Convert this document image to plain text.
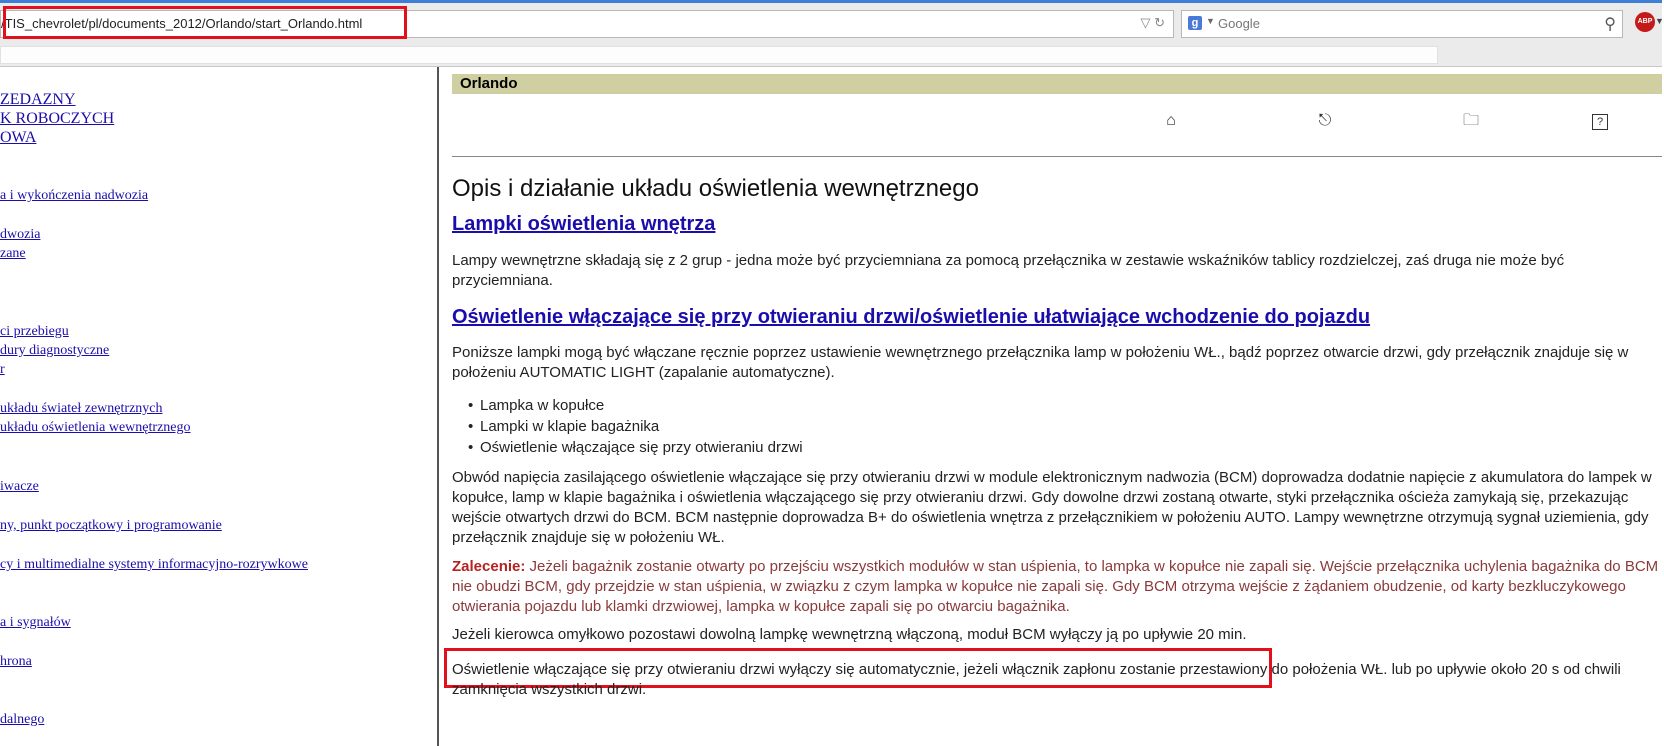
/TIS_chevrolet/pl/documents_2012/Orlando/start_Orlando.html	▽ ↻	g ▼ Google	⚲	ABP ▼
ZEDAZNY
K ROBOCZYCH
OWA
a i wykończenia nadwozia
dwozia
zane
ci przebiegu
dury diagnostyczne
r
układu świateł zewnętrznych
układu oświetlenia wewnętrznego
iwacze
ny, punkt początkowy i programowanie
cy i multimedialne systemy informacyjno-rozrywkowe
a i sygnałów
hrona
dalnego
Orlando
⌂	⎋	🗀	?
Opis i działanie układu oświetlenia wewnętrznego
Lampki oświetlenia wnętrza
Lampy wewnętrzne składają się z 2 grup - jedna może być przyciemniana za pomocą przełącznika w zestawie wskaźników tablicy rozdzielczej, zaś druga nie może być przyciemniana.
Oświetlenie włączające się przy otwieraniu drzwi/oświetlenie ułatwiające wchodzenie do pojazdu
Poniższe lampki mogą być włączane ręcznie poprzez ustawienie wewnętrznego przełącznika lamp w położeniu WŁ., bądź poprzez otwarcie drzwi, gdy przełącznik znajduje się w położeniu AUTOMATIC LIGHT (zapalanie automatyczne).
• Lampka w kopułce
• Lampki w klapie bagażnika
• Oświetlenie włączające się przy otwieraniu drzwi
Obwód napięcia zasilającego oświetlenie włączające się przy otwieraniu drzwi w module elektronicznym nadwozia (BCM) doprowadza dodatnie napięcie z akumulatora do lampek w kopułce, lamp w klapie bagażnika i oświetlenia włączającego się przy otwieraniu drzwi. Gdy dowolne drzwi zostaną otwarte, styki przełącznika ościeża zamykają się, przekazując wejście otwartych drzwi do BCM. BCM następnie doprowadza B+ do oświetlenia wnętrza z przełącznikiem w położeniu AUTO. Lampy wewnętrzne otrzymują sygnał uziemienia, gdy przełącznik znajduje się w położeniu WŁ.
Zalecenie: Jeżeli bagażnik zostanie otwarty po przejściu wszystkich modułów w stan uśpienia, to lampka w kopułce nie zapali się. Wejście przełącznika uchylenia bagażnika do BCM nie obudzi BCM, gdy przejdzie w stan uśpienia, w związku z czym lampka w kopułce nie zapali się. Gdy BCM otrzyma wejście z żądaniem obudzenie, od karty bezkluczykowego otwierania pojazdu lub klamki drzwiowej, lampka w kopułce zapali się po otwarciu bagażnika.
Jeżeli kierowca omyłkowo pozostawi dowolną lampkę wewnętrzną włączoną, moduł BCM wyłączy ją po upływie 20 min.
Oświetlenie włączające się przy otwieraniu drzwi wyłączy się automatycznie, jeżeli włącznik zapłonu zostanie przestawiony do położenia WŁ. lub po upływie około 20 s od chwili zamknięcia wszystkich drzwi.
